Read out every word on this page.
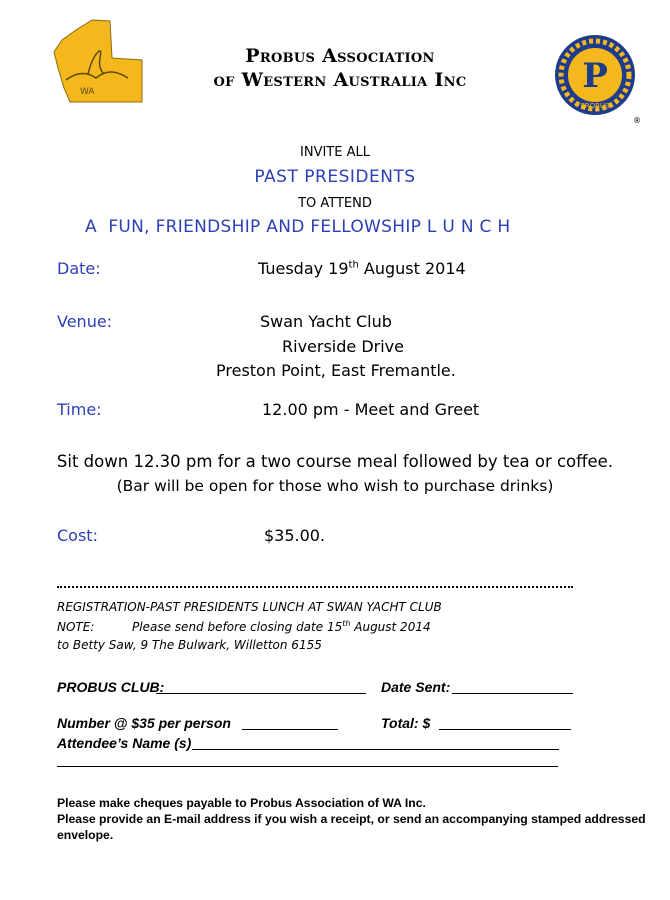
WA
Probus Association
of Western Australia Inc	P
PROBUS
®
INVITE ALL
PAST PRESIDENTS
TO ATTEND
A  FUN, FRIENDSHIP AND FELLOWSHIP L U N C H
Date:	Tuesday 19th August 2014
Venue:	Swan Yacht Club
Riverside Drive
Preston Point, East Fremantle.
Time:	12.00 pm - Meet and Greet
Sit down 12.30 pm for a two course meal followed by tea or coffee.
(Bar will be open for those who wish to purchase drinks)
Cost:	$35.00.
REGISTRATION-PAST PRESIDENTS LUNCH AT SWAN YACHT CLUB
NOTE:	Please send before closing date 15th August 2014
to Betty Saw, 9 The Bulwark, Willetton 6155
PROBUS CLUB:	Date Sent:
Number @ $35 per person	Total: $
Attendee’s Name (s)
Please make cheques payable to Probus Association of WA Inc.
Please provide an E-mail address if you wish a receipt, or send an accompanying stamped addressed
envelope.
